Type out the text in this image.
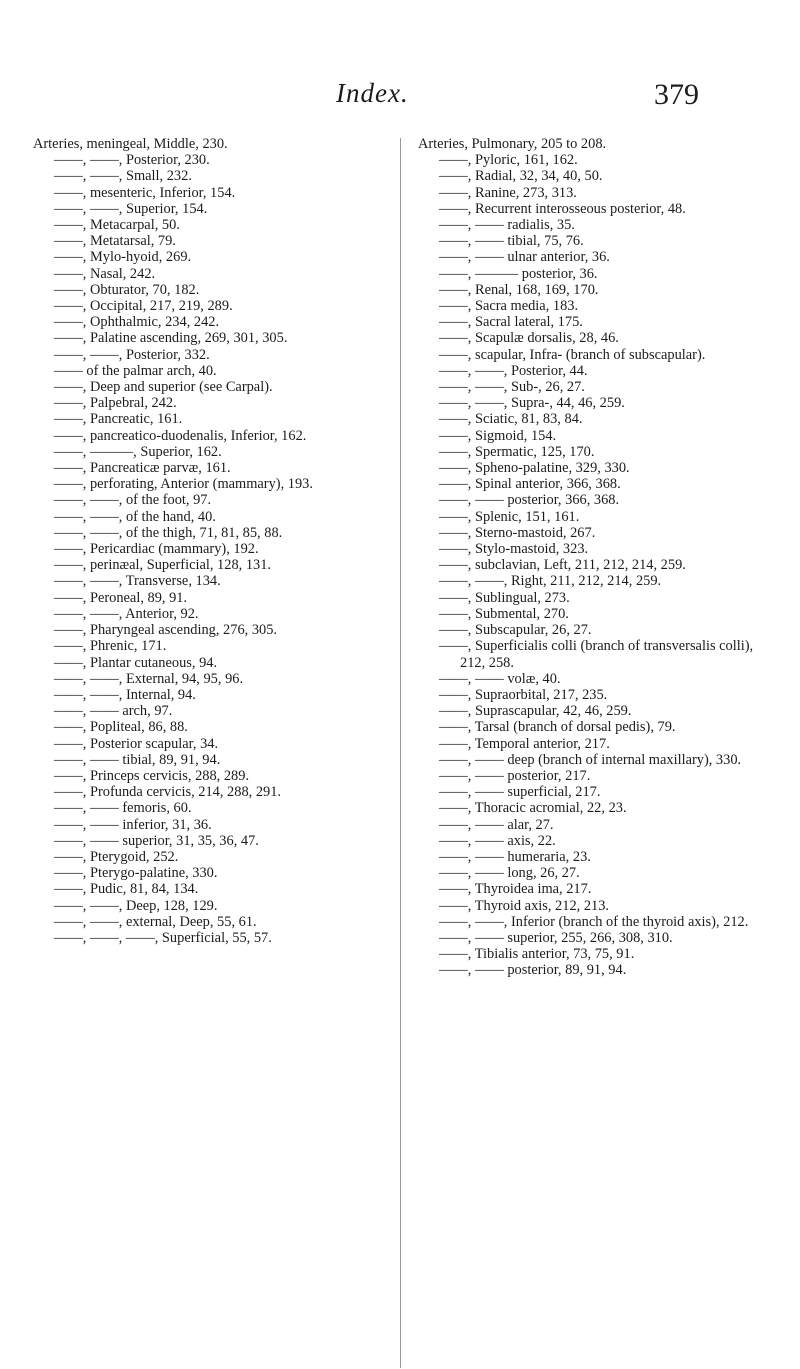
Index.	379

Arteries, meningeal, Middle, 230.

——, ——, Posterior, 230.

——, ——, Small, 232.

——, mesenteric, Inferior, 154.

——, ——, Superior, 154.

——, Metacarpal, 50.

——, Metatarsal, 79.

——, Mylo-hyoid, 269.

——, Nasal, 242.

——, Obturator, 70, 182.

——, Occipital, 217, 219, 289.

——, Ophthalmic, 234, 242.

——, Palatine ascending, 269, 301, 305.

——, ——, Posterior, 332.

—— of the palmar arch, 40.

——, Deep and superior (see Carpal).

——, Palpebral, 242.

——, Pancreatic, 161.

——, pancreatico-duodenalis, Inferior, 162.

——, ———, Superior, 162.

——, Pancreaticæ parvæ, 161.

——, perforating, Anterior (mammary), 193.

——, ——, of the foot, 97.

——, ——, of the hand, 40.

——, ——, of the thigh, 71, 81, 85, 88.

——, Pericardiac (mammary), 192.

——, perinæal, Superficial, 128, 131.

——, ——, Transverse, 134.

——, Peroneal, 89, 91.

——, ——, Anterior, 92.

——, Pharyngeal ascending, 276, 305.

——, Phrenic, 171.

——, Plantar cutaneous, 94.

——, ——, External, 94, 95, 96.

——, ——, Internal, 94.

——, —— arch, 97.

——, Popliteal, 86, 88.

——, Posterior scapular, 34.

——, —— tibial, 89, 91, 94.

——, Princeps cervicis, 288, 289.

——, Profunda cervicis, 214, 288, 291.

——, —— femoris, 60.

——, —— inferior, 31, 36.

——, —— superior, 31, 35, 36, 47.

——, Pterygoid, 252.

——, Pterygo-palatine, 330.

——, Pudic, 81, 84, 134.

——, ——, Deep, 128, 129.

——, ——, external, Deep, 55, 61.

——, ——, ——, Superficial, 55, 57.

Arteries, Pulmonary, 205 to 208.

——, Pyloric, 161, 162.

——, Radial, 32, 34, 40, 50.

——, Ranine, 273, 313.

——, Recurrent interosseous posterior, 48.

——, —— radialis, 35.

——, —— tibial, 75, 76.

——, —— ulnar anterior, 36.

——, ——— posterior, 36.

——, Renal, 168, 169, 170.

——, Sacra media, 183.

——, Sacral lateral, 175.

——, Scapulæ dorsalis, 28, 46.

——, scapular, Infra- (branch of subscapular).

——, ——, Posterior, 44.

——, ——, Sub-, 26, 27.

——, ——, Supra-, 44, 46, 259.

——, Sciatic, 81, 83, 84.

——, Sigmoid, 154.

——, Spermatic, 125, 170.

——, Spheno-palatine, 329, 330.

——, Spinal anterior, 366, 368.

——, —— posterior, 366, 368.

——, Splenic, 151, 161.

——, Sterno-mastoid, 267.

——, Stylo-mastoid, 323.

——, subclavian, Left, 211, 212, 214, 259.

——, ——, Right, 211, 212, 214, 259.

——, Sublingual, 273.

——, Submental, 270.

——, Subscapular, 26, 27.

——, Superficialis colli (branch of transversalis colli), 212, 258.

——, —— volæ, 40.

——, Supraorbital, 217, 235.

——, Suprascapular, 42, 46, 259.

——, Tarsal (branch of dorsal pedis), 79.

——, Temporal anterior, 217.

——, —— deep (branch of internal maxillary), 330.

——, —— posterior, 217.

——, —— superficial, 217.

——, Thoracic acromial, 22, 23.

——, —— alar, 27.

——, —— axis, 22.

——, —— humeraria, 23.

——, —— long, 26, 27.

——, Thyroidea ima, 217.

——, Thyroid axis, 212, 213.

——, ——, Inferior (branch of the thyroid axis), 212.

——, —— superior, 255, 266, 308, 310.

——, Tibialis anterior, 73, 75, 91.

——, —— posterior, 89, 91, 94.
